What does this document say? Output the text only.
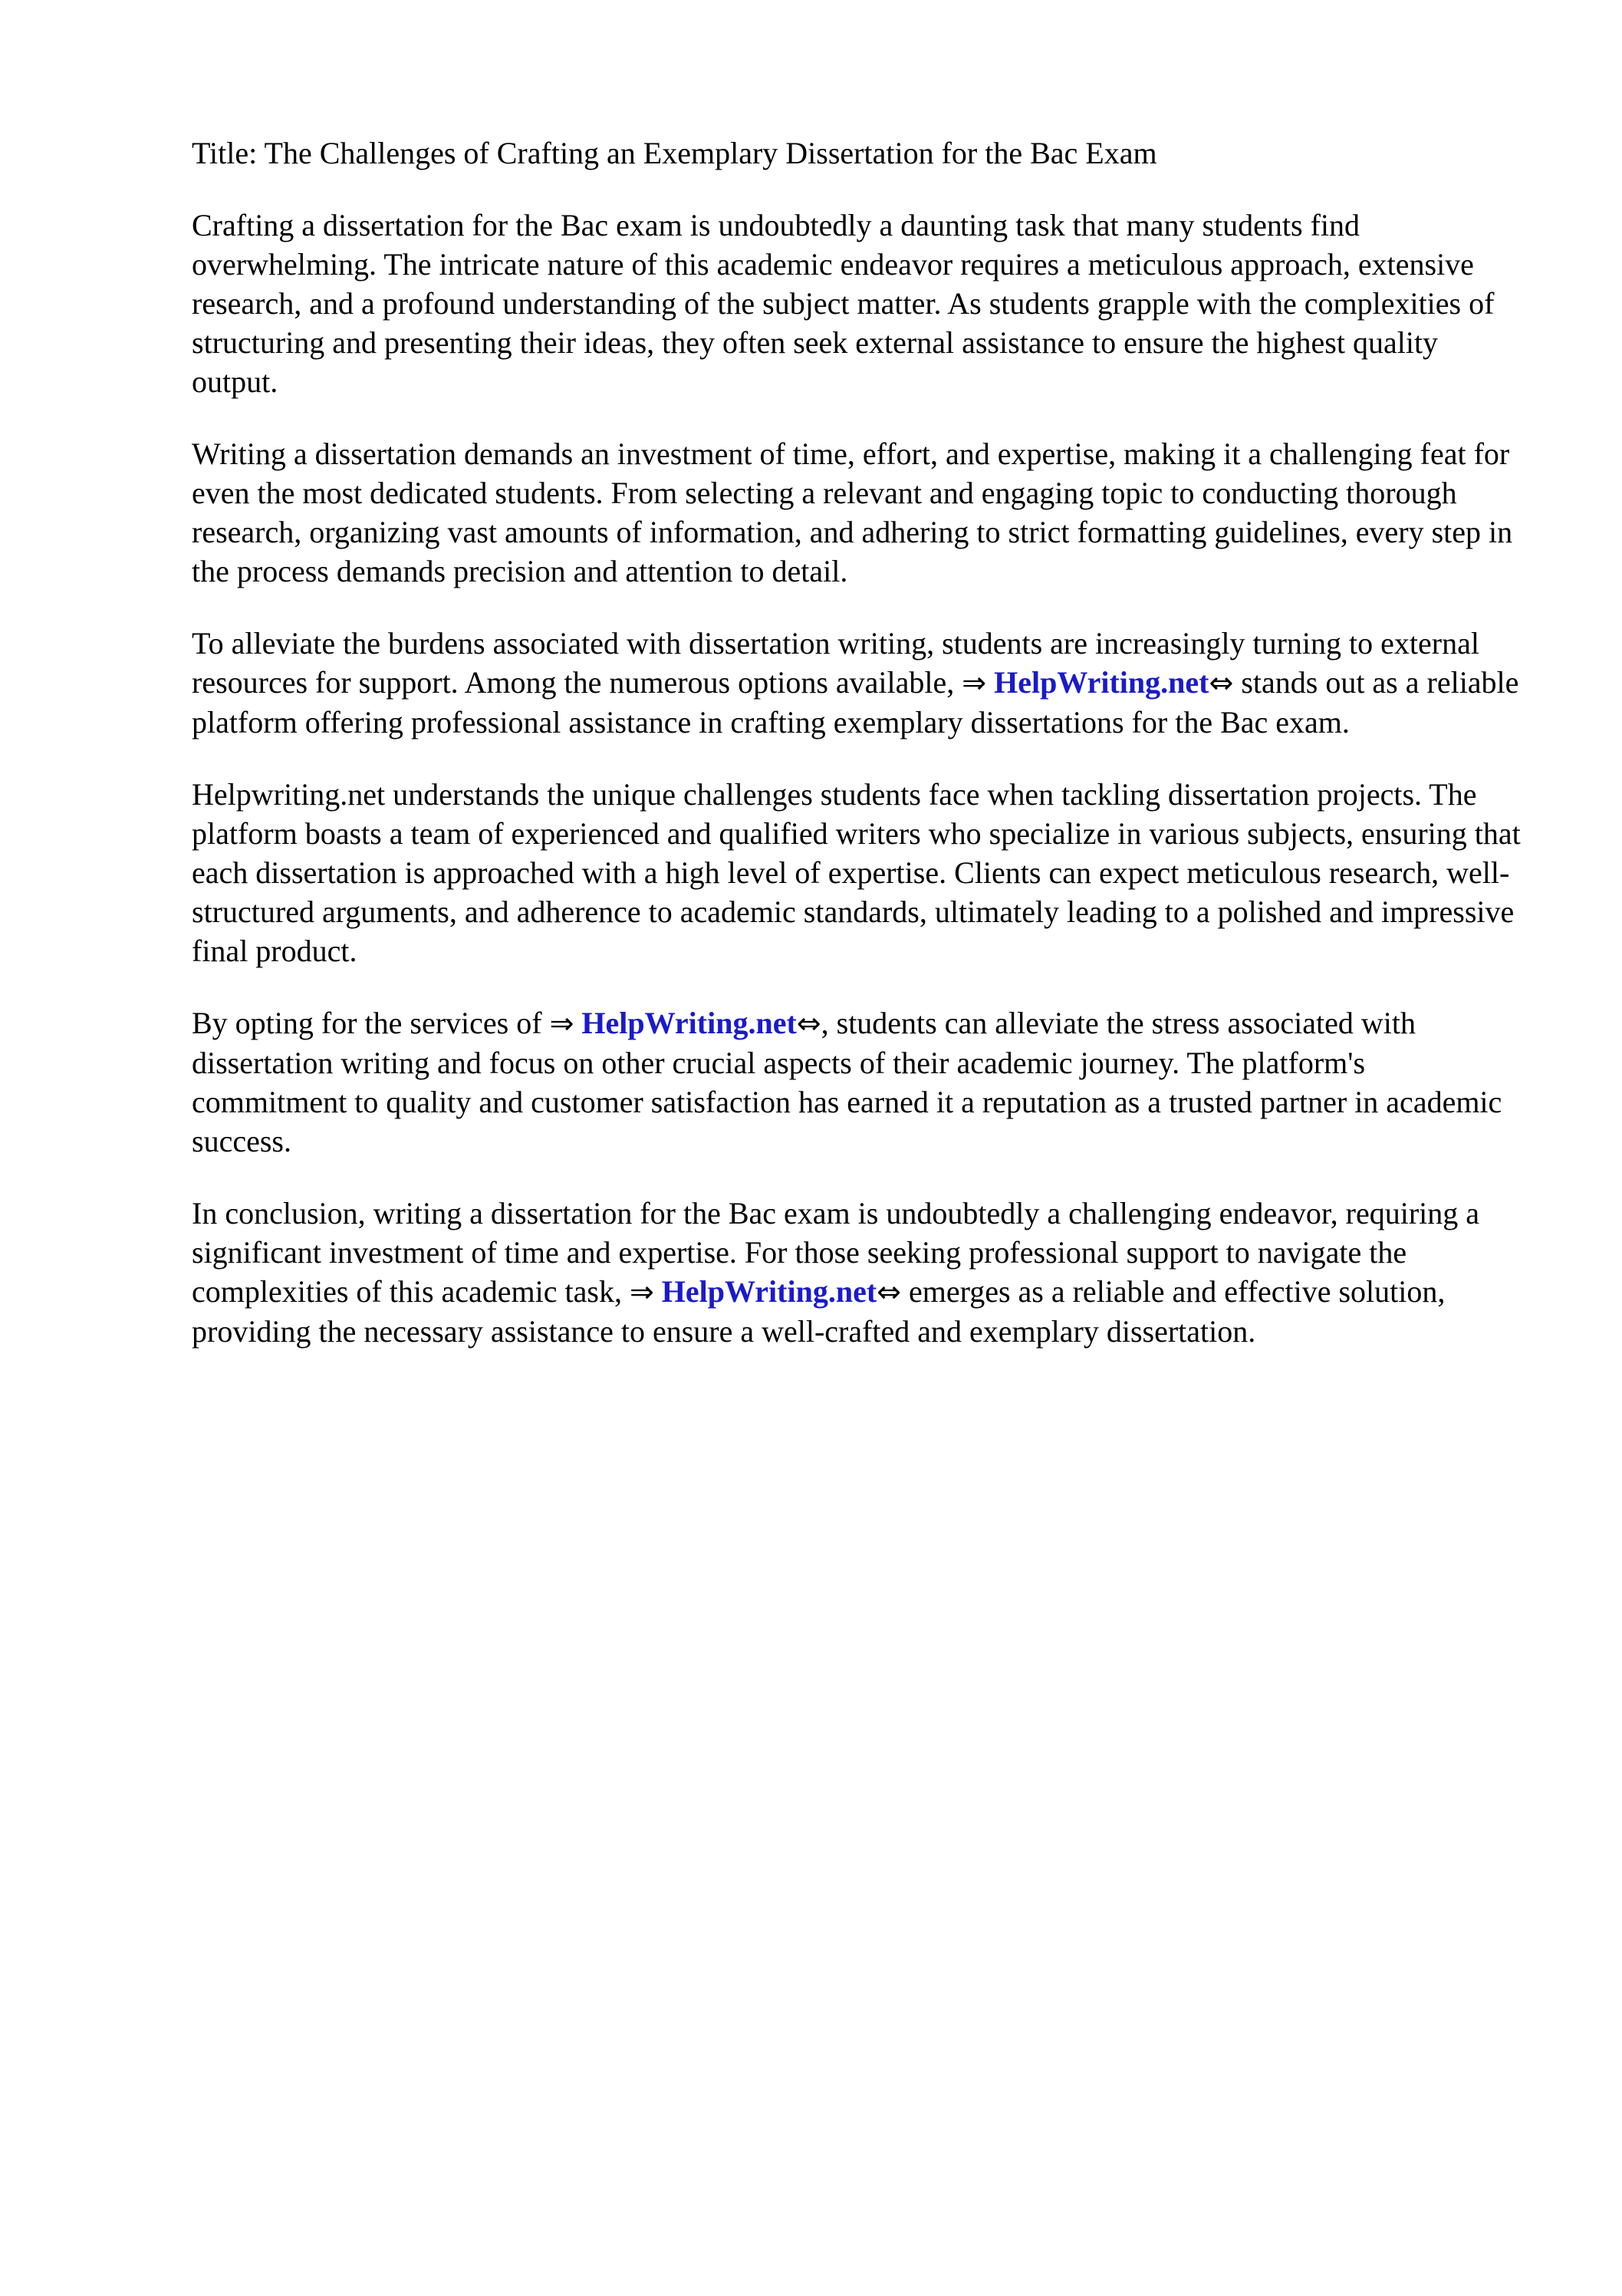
Title: The Challenges of Crafting an Exemplary Dissertation for the Bac Exam

Crafting a dissertation for the Bac exam is undoubtedly a daunting task that many students find overwhelming. The intricate nature of this academic endeavor requires a meticulous approach, extensive research, and a profound understanding of the subject matter. As students grapple with the complexities of structuring and presenting their ideas, they often seek external assistance to ensure the highest quality output.

Writing a dissertation demands an investment of time, effort, and expertise, making it a challenging feat for even the most dedicated students. From selecting a relevant and engaging topic to conducting thorough research, organizing vast amounts of information, and adhering to strict formatting guidelines, every step in the process demands precision and attention to detail.

To alleviate the burdens associated with dissertation writing, students are increasingly turning to external resources for support. Among the numerous options available, ⇒ HelpWriting.net⇔ stands out as a reliable platform offering professional assistance in crafting exemplary dissertations for the Bac exam.

Helpwriting.net understands the unique challenges students face when tackling dissertation projects. The platform boasts a team of experienced and qualified writers who specialize in various subjects, ensuring that each dissertation is approached with a high level of expertise. Clients can expect meticulous research, well-structured arguments, and adherence to academic standards, ultimately leading to a polished and impressive final product.

By opting for the services of ⇒ HelpWriting.net⇔, students can alleviate the stress associated with dissertation writing and focus on other crucial aspects of their academic journey. The platform's commitment to quality and customer satisfaction has earned it a reputation as a trusted partner in academic success.

In conclusion, writing a dissertation for the Bac exam is undoubtedly a challenging endeavor, requiring a significant investment of time and expertise. For those seeking professional support to navigate the complexities of this academic task, ⇒ HelpWriting.net⇔ emerges as a reliable and effective solution, providing the necessary assistance to ensure a well-crafted and exemplary dissertation.
